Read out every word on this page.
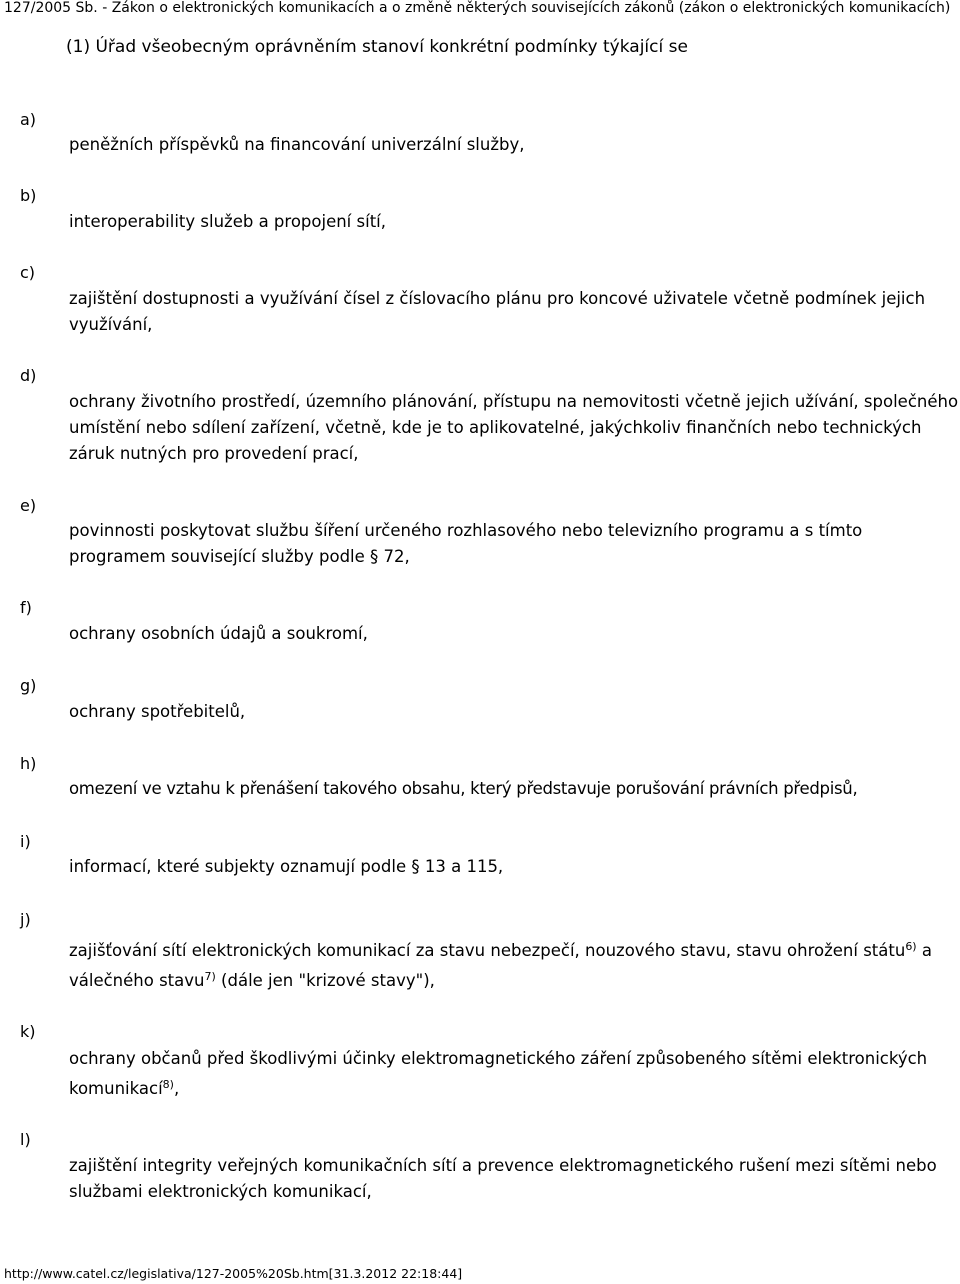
127/2005 Sb. - Zákon o elektronických komunikacích a o změně některých souvisejících zákonů (zákon o elektronických komunikacích)
(1) Úřad všeobecným oprávněním stanoví konkrétní podmínky týkající se
a)
peněžních příspěvků na financování univerzální služby,
b)
interoperability služeb a propojení sítí,
c)
zajištění dostupnosti a využívání čísel z číslovacího plánu pro koncové uživatele včetně podmínek jejich využívání,
d)
ochrany životního prostředí, územního plánování, přístupu na nemovitosti včetně jejich užívání, společného umístění nebo sdílení zařízení, včetně, kde je to aplikovatelné, jakýchkoliv finančních nebo technických záruk nutných pro provedení prací,
e)
povinnosti poskytovat službu šíření určeného rozhlasového nebo televizního programu a s tímto programem související služby podle § 72,
f)
ochrany osobních údajů a soukromí,
g)
ochrany spotřebitelů,
h)
omezení ve vztahu k přenášení takového obsahu, který představuje porušování právních předpisů,
i)
informací, které subjekty oznamují podle § 13 a 115,
j)
zajišťování sítí elektronických komunikací za stavu nebezpečí, nouzového stavu, stavu ohrožení státu$^{6)}$ a válečného stavu$^{7)}$ (dále jen "krizové stavy"),
k)
ochrany občanů před škodlivými účinky elektromagnetického záření způsobeného sítěmi elektronických komunikací$^{8)}$,
l)
zajištění integrity veřejných komunikačních sítí a prevence elektromagnetického rušení mezi sítěmi nebo službami elektronických komunikací,
http://www.catel.cz/legislativa/127-2005%20Sb.htm[31.3.2012 22:18:44]
